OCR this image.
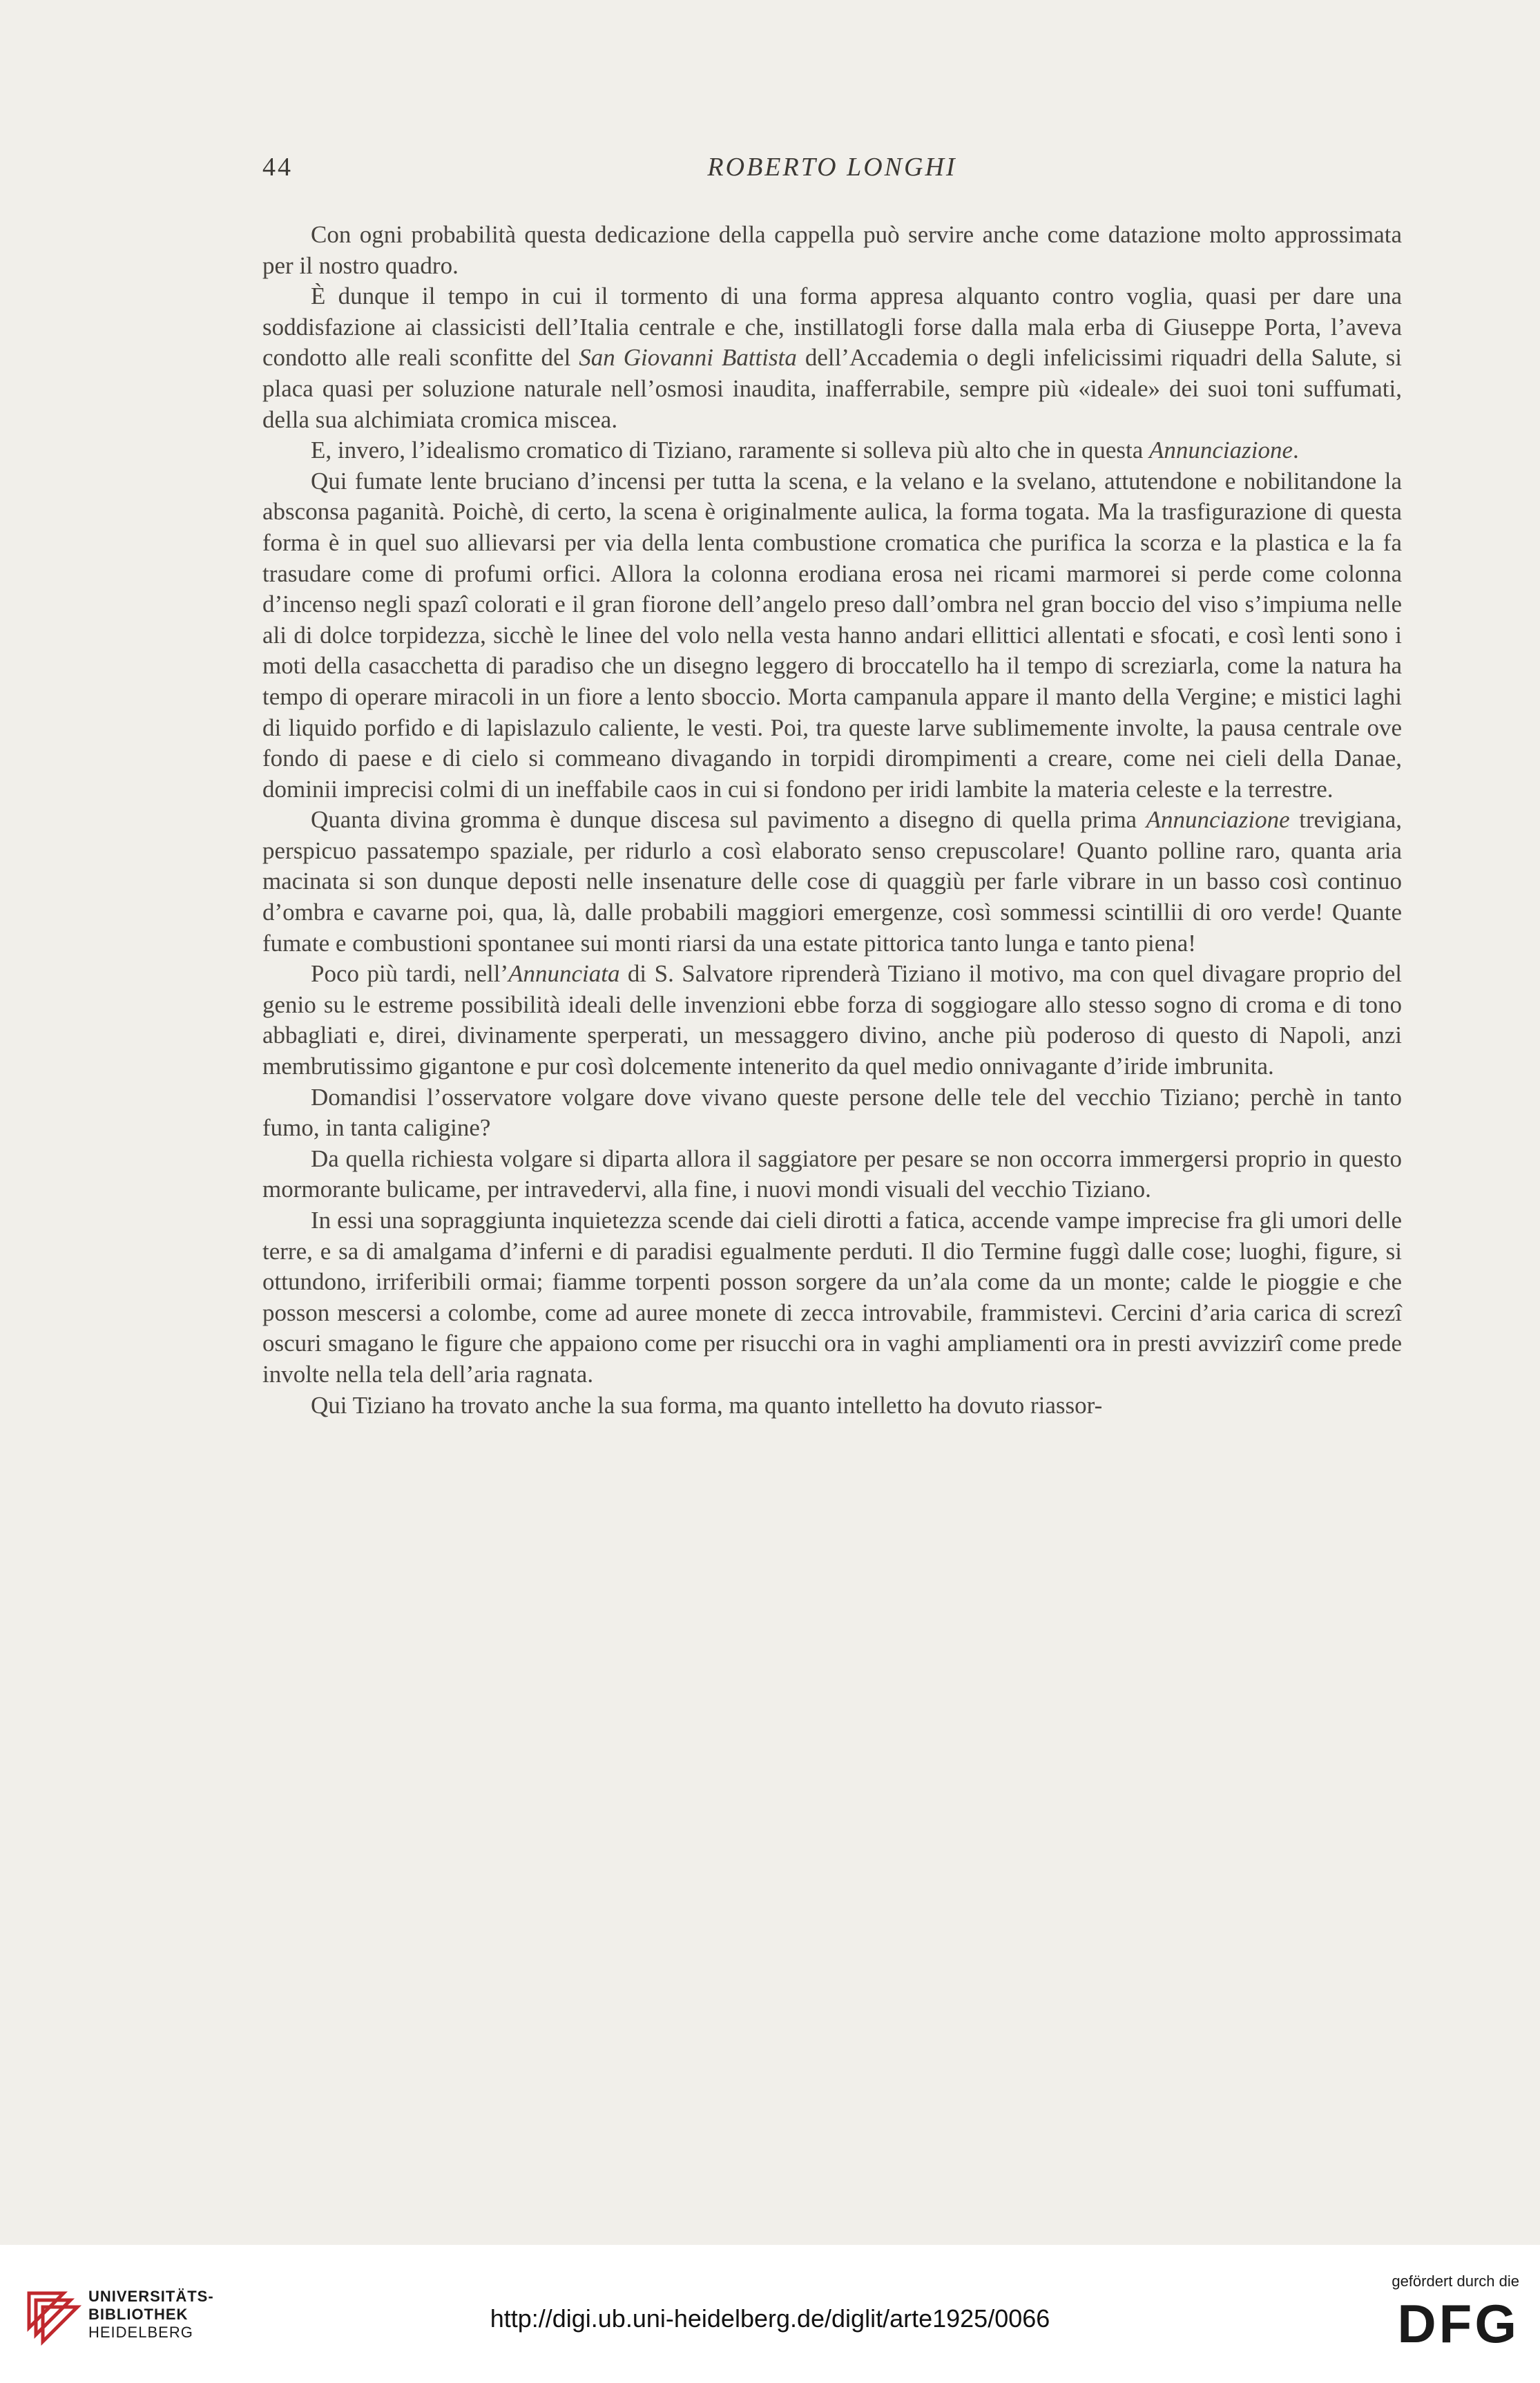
44	ROBERTO LONGHI

Con ogni probabilità questa dedicazione della cappella può servire anche come datazione molto approssimata per il nostro quadro.

È dunque il tempo in cui il tormento di una forma appresa alquanto contro voglia, quasi per dare una soddisfazione ai classicisti dell’Italia centrale e che, instillatogli forse dalla mala erba di Giuseppe Porta, l’aveva condotto alle reali sconfitte del San Giovanni Battista dell’Accademia o degli infelicissimi riquadri della Salute, si placa quasi per soluzione naturale nell’osmosi inaudita, inafferrabile, sempre più «ideale» dei suoi toni suffumati, della sua alchimiata cromica miscea.

E, invero, l’idealismo cromatico di Tiziano, raramente si solleva più alto che in questa Annunciazione.

Qui fumate lente bruciano d’incensi per tutta la scena, e la velano e la svelano, attutendone e nobilitandone la absconsa paganità. Poichè, di certo, la scena è originalmente aulica, la forma togata. Ma la trasfigurazione di questa forma è in quel suo allievarsi per via della lenta combustione cromatica che purifica la scorza e la plastica e la fa trasudare come di profumi orfici. Allora la colonna erodiana erosa nei ricami marmorei si perde come colonna d’incenso negli spazî colorati e il gran fiorone dell’angelo preso dall’ombra nel gran boccio del viso s’impiuma nelle ali di dolce torpidezza, sicchè le linee del volo nella vesta hanno andari ellittici allentati e sfocati, e così lenti sono i moti della casacchetta di paradiso che un disegno leggero di broccatello ha il tempo di screziarla, come la natura ha tempo di operare miracoli in un fiore a lento sboccio. Morta campanula appare il manto della Vergine; e mistici laghi di liquido porfido e di lapislazulo caliente, le vesti. Poi, tra queste larve sublimemente involte, la pausa centrale ove fondo di paese e di cielo si commeano divagando in torpidi dirompimenti a creare, come nei cieli della Danae, dominii imprecisi colmi di un ineffabile caos in cui si fondono per iridi lambite la materia celeste e la terrestre.

Quanta divina gromma è dunque discesa sul pavimento a disegno di quella prima Annunciazione trevigiana, perspicuo passatempo spaziale, per ridurlo a così elaborato senso crepuscolare! Quanto polline raro, quanta aria macinata si son dunque deposti nelle insenature delle cose di quaggiù per farle vibrare in un basso così continuo d’ombra e cavarne poi, qua, là, dalle probabili maggiori emergenze, così sommessi scintillii di oro verde! Quante fumate e combustioni spontanee sui monti riarsi da una estate pittorica tanto lunga e tanto piena!

Poco più tardi, nell’Annunciata di S. Salvatore riprenderà Tiziano il motivo, ma con quel divagare proprio del genio su le estreme possibilità ideali delle invenzioni ebbe forza di soggiogare allo stesso sogno di croma e di tono abbagliati e, direi, divinamente sperperati, un messaggero divino, anche più poderoso di questo di Napoli, anzi membrutissimo gigantone e pur così dolcemente intenerito da quel medio onnivagante d’iride imbrunita.

Domandisi l’osservatore volgare dove vivano queste persone delle tele del vecchio Tiziano; perchè in tanto fumo, in tanta caligine?

Da quella richiesta volgare si diparta allora il saggiatore per pesare se non occorra immergersi proprio in questo mormorante bulicame, per intravedervi, alla fine, i nuovi mondi visuali del vecchio Tiziano.

In essi una sopraggiunta inquietezza scende dai cieli dirotti a fatica, accende vampe imprecise fra gli umori delle terre, e sa di amalgama d’inferni e di paradisi egualmente perduti. Il dio Termine fuggì dalle cose; luoghi, figure, si ottundono, irriferibili ormai; fiamme torpenti posson sorgere da un’ala come da un monte; calde le pioggie e che posson mescersi a colombe, come ad auree monete di zecca introvabile, frammistevi. Cercini d’aria carica di screzî oscuri smagano le figure che appaiono come per risucchi ora in vaghi ampliamenti ora in presti avvizzirî come prede involte nella tela dell’aria ragnata.

Qui Tiziano ha trovato anche la sua forma, ma quanto intelletto ha dovuto riassor-

UNIVERSITÄTS-
BIBLIOTHEK
HEIDELBERG	http://digi.ub.uni-heidelberg.de/diglit/arte1925/0066
gefördert durch die
DFG
